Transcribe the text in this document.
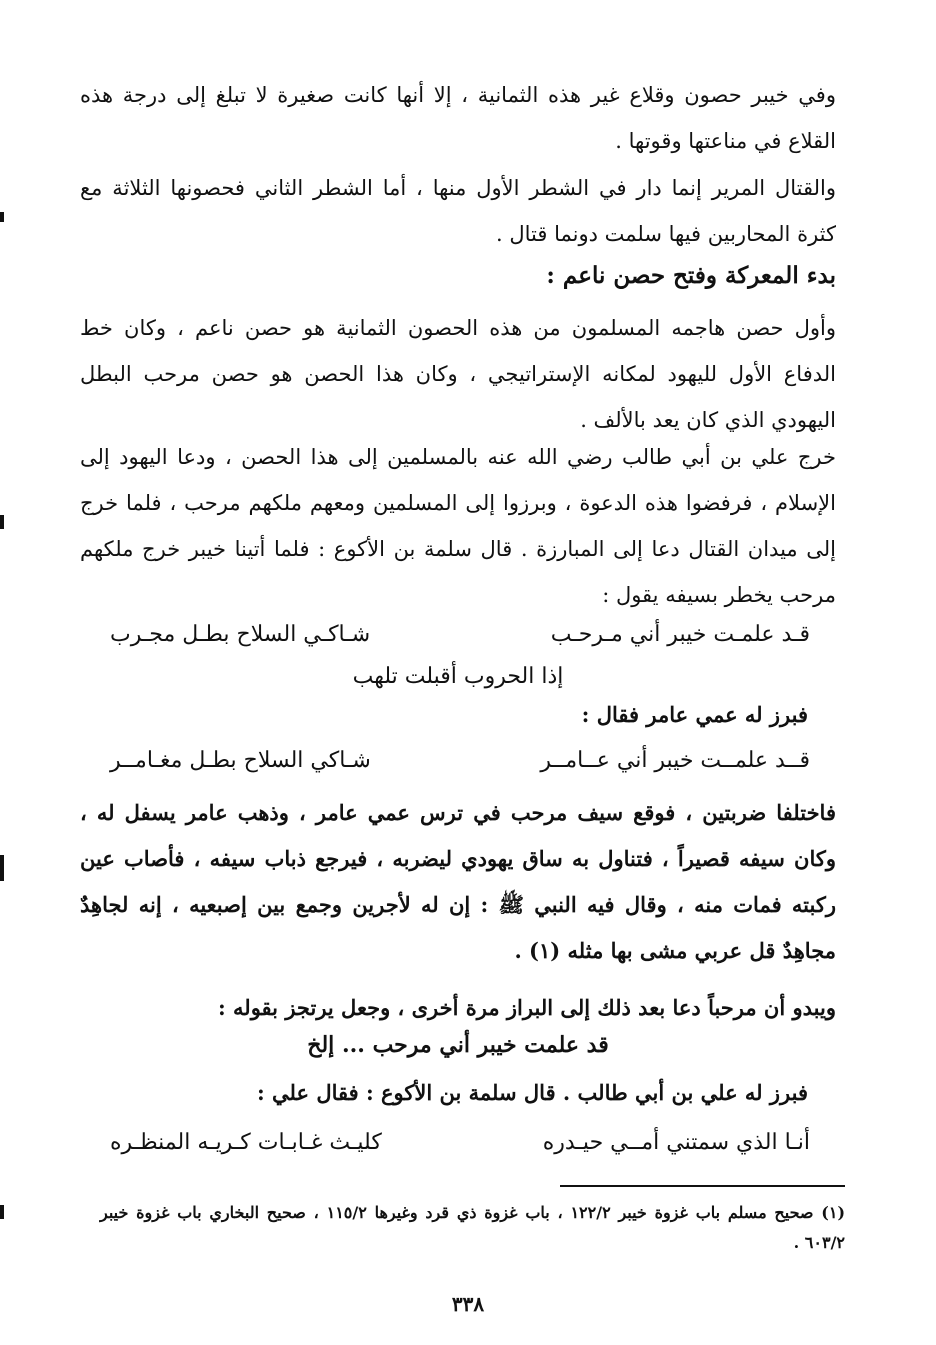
وفي خيبر حصون وقلاع غير هذه الثمانية ، إلا أنها كانت صغيرة لا تبلغ إلى درجة هذه القلاع في مناعتها وقوتها .

والقتال المرير إنما دار في الشطر الأول منها ، أما الشطر الثاني فحصونها الثلاثة مع كثرة المحاربين فيها سلمت دونما قتال .

بدء المعركة وفتح حصن ناعم :

وأول حصن هاجمه المسلمون من هذه الحصون الثمانية هو حصن ناعم ، وكان خط الدفاع الأول لليهود لمكانه الإستراتيجي ، وكان هذا الحصن هو حصن مرحب البطل اليهودي الذي كان يعد بالألف .

خرج علي بن أبي طالب رضي الله عنه بالمسلمين إلى هذا الحصن ، ودعا اليهود إلى الإسلام ، فرفضوا هذه الدعوة ، وبرزوا إلى المسلمين ومعهم ملكهم مرحب ، فلما خرج إلى ميدان القتال دعا إلى المبارزة . قال سلمة بن الأكوع : فلما أتينا خيبر خرج ملكهم مرحب يخطر بسيفه يقول :

قـد علمـت خيبر أني مـرحـب
شـاكـي السلاح بطـل مجـرب
إذا الحروب أقبلت تلهب

فبرز له عمي عامر فقال :

قــد علمــت خيبر أني عــامــر
شـاكي السلاح بطـل مغـامــر

فاختلفا ضربتين ، فوقع سيف مرحب في ترس عمي عامر ، وذهب عامر يسفل له ، وكان سيفه قصيراً ، فتناول به ساق يهودي ليضربه ، فيرجع ذباب سيفه ، فأصاب عين ركبته فمات منه ، وقال فيه النبي ﷺ : إن له لأجرين وجمع بين إصبعيه ، إنه لجاهِدٌ مجاهِدٌ قل عربي مشى بها مثله (١) .

ويبدو أن مرحباً دعا بعد ذلك إلى البراز مرة أخرى ، وجعل يرتجز بقوله :

قد علمت خيبر أني مرحب ... إلخ

فبرز له علي بن أبي طالب . قال سلمة بن الأكوع : فقال علي :

أنـا الذي سمتني أمــي حيـدره
كليـث غـابـات كـريـه المنظـره
(١) صحيح مسلم باب غزوة خيبر ١٢٢/٢ ، باب غزوة ذي قرد وغيرها ١١٥/٢ ، صحيح البخاري باب غزوة خيبر ٦٠٣/٢ .
٣٣٨
